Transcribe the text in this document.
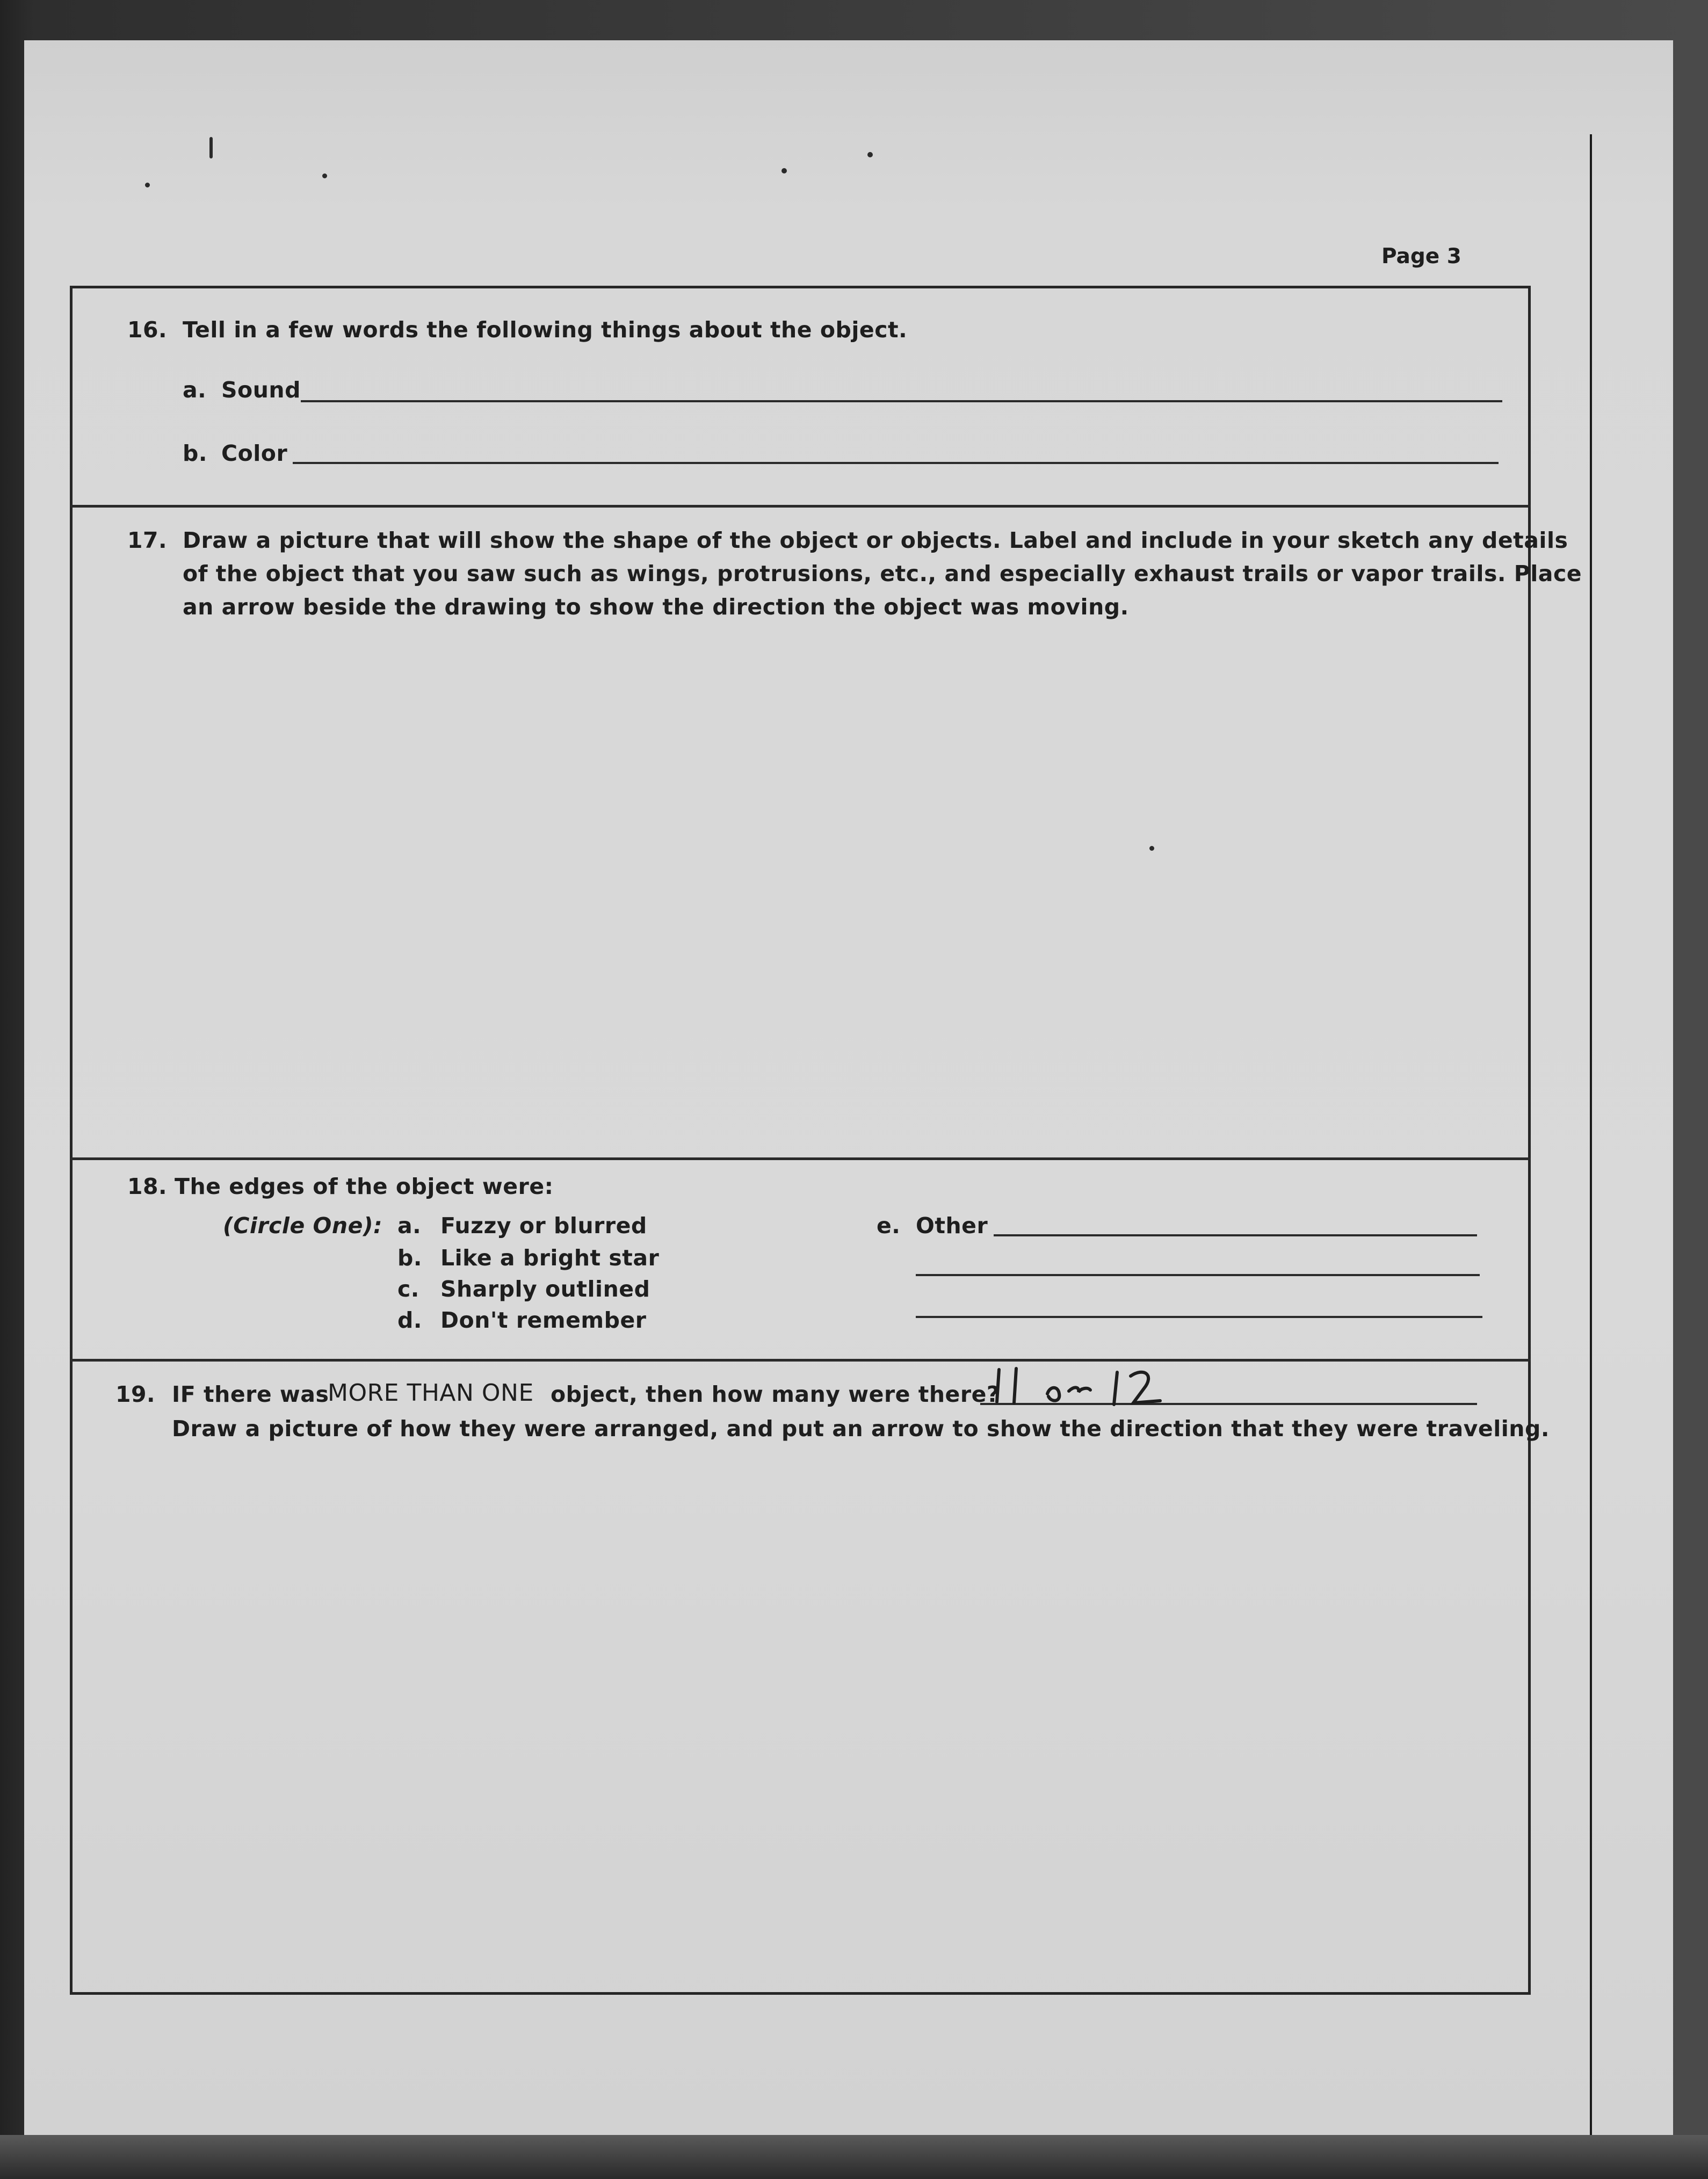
Page 3
16. Tell in a few words the following things about the object.
a. Sound
b. Color
17. Draw a picture that will show the shape of the object or objects. Label and include in your sketch any details
of the object that you saw such as wings, protrusions, etc., and especially exhaust trails or vapor trails. Place
an arrow beside the drawing to show the direction the object was moving.
18. The edges of the object were:
(Circle One): a. Fuzzy or blurred
b. Like a bright star
c. Sharply outlined
d. Don't remember
e. Other
19. IF there was
MORE THAN ONE object, then how many were there?
Draw a picture of how they were arranged, and put an arrow to show the direction that they were traveling.
